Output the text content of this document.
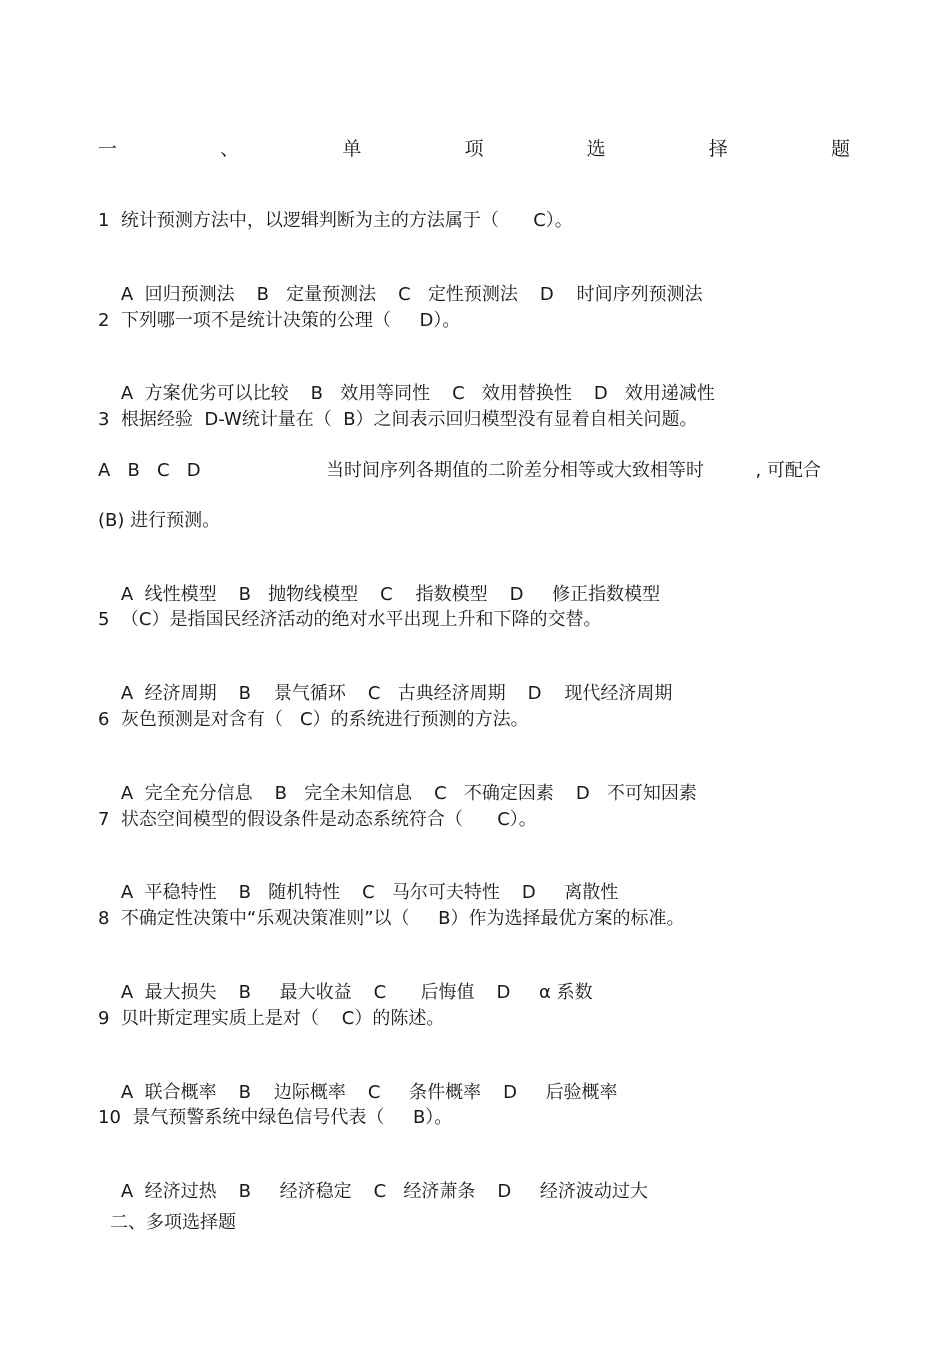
一	、	单	项	选	择	题
1  统计预测方法中，以逻辑判断为主的方法属于（      C）。

A  回归预测法 B   定量预测法 C   定性预测法 D    时间序列预测法

2  下列哪一项不是统计决策的公理（     D）。

A  方案优劣可以比较 B   效用等同性 C   效用替换性 D   效用递减性

3  根据经验  D-W统计量在（  B）之间表示回归模型没有显着自相关问题。
A   B   C   D	当时间序列各期值的二阶差分相等或大致相等时         , 可配合
(B) 进行预测。

A  线性模型 B   抛物线模型 C    指数模型 D     修正指数模型

5  （C）是指国民经济活动的绝对水平出现上升和下降的交替。

A  经济周期 B    景气循环 C   古典经济周期 D    现代经济周期

6  灰色预测是对含有（   C）的系统进行预测的方法。

A  完全充分信息 B   完全未知信息 C   不确定因素 D   不可知因素

7  状态空间模型的假设条件是动态系统符合（      C）。

A  平稳特性 B   随机特性 C   马尔可夫特性 D     离散性

8  不确定性决策中“乐观决策准则”以（     B）作为选择最优方案的标准。

A  最大损失 B     最大收益 C      后悔值 D     α 系数

9  贝叶斯定理实质上是对（    C）的陈述。

A  联合概率 B    边际概率 C     条件概率 D     后验概率

10  景气预警系统中绿色信号代表（     B）。

A  经济过热 B     经济稳定 C   经济萧条 D     经济波动过大

二、多项选择题
